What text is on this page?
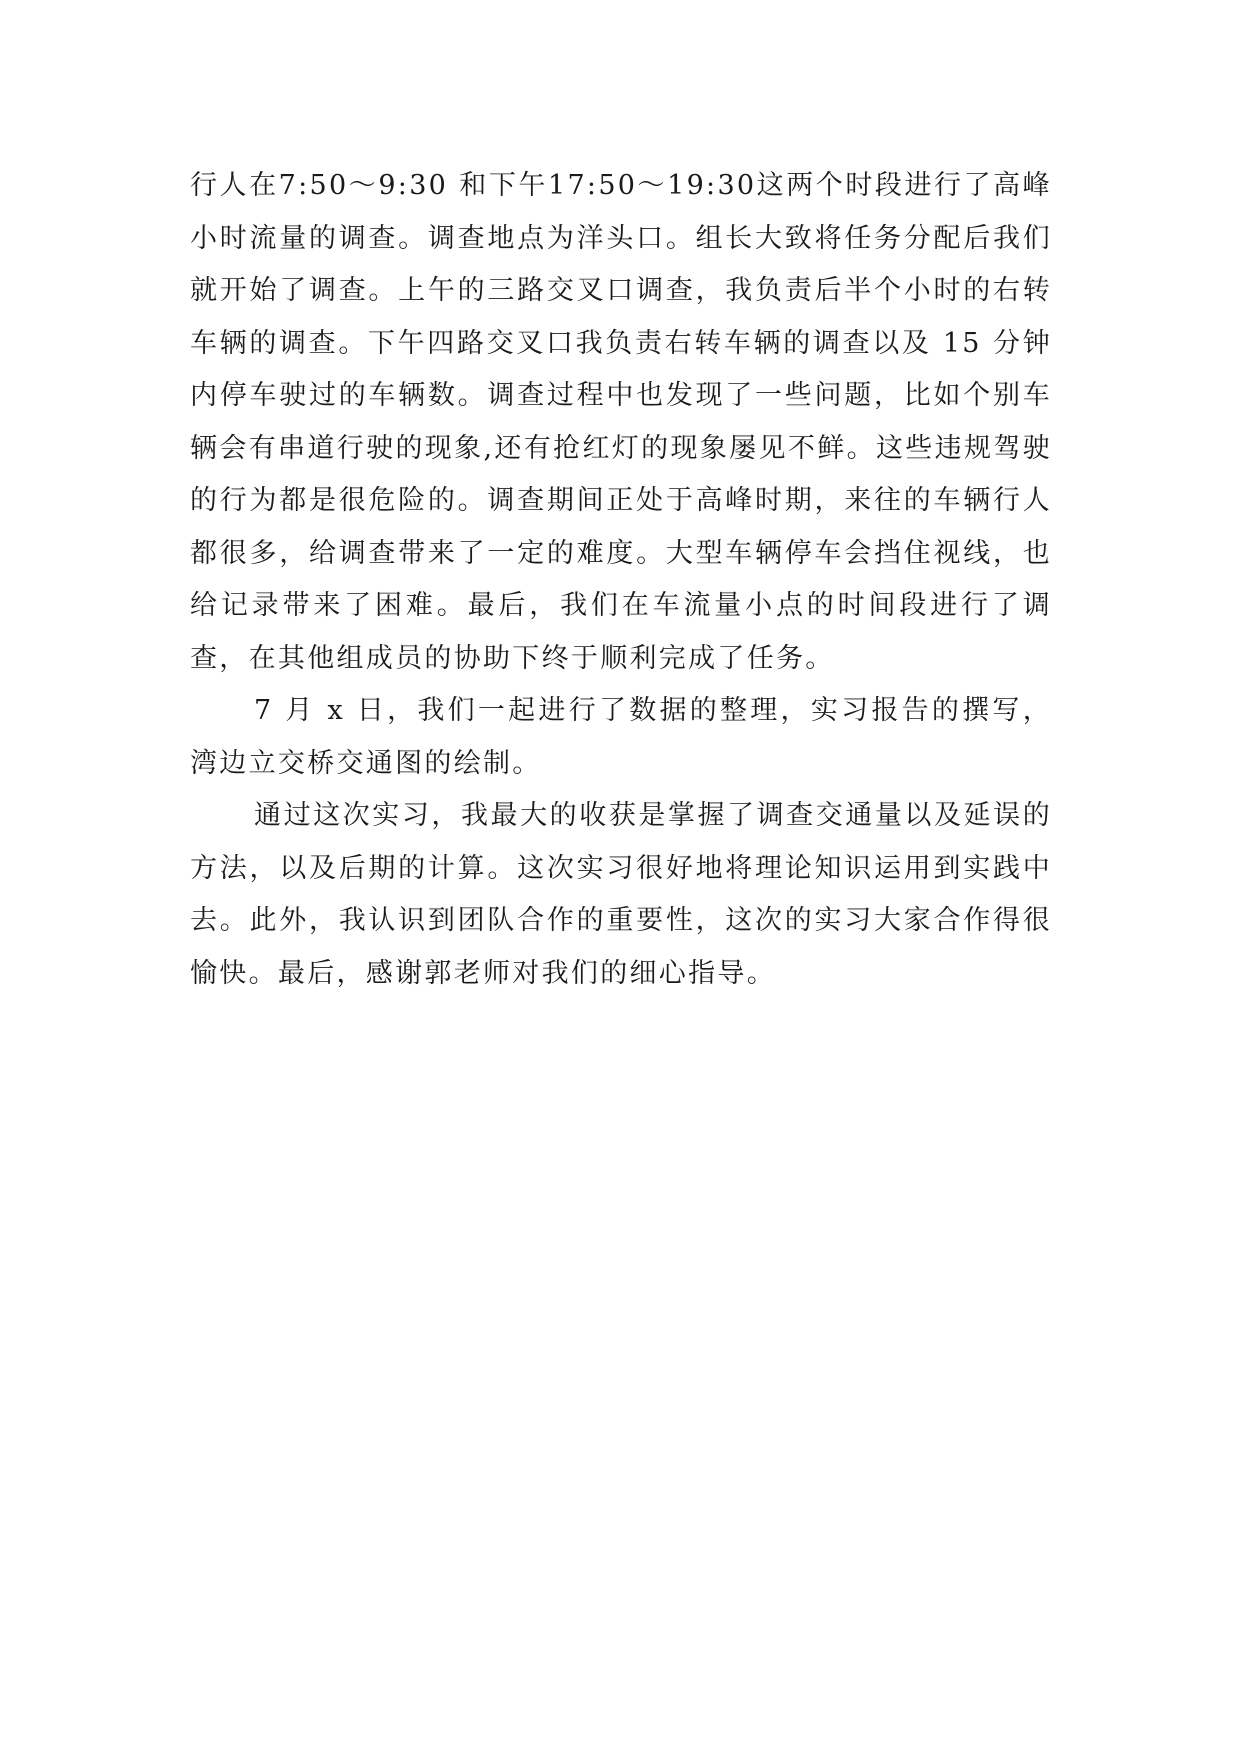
行人在7:50～9:30 和下午17:50～19:30这两个时段进行了高峰小时流量的调查。调查地点为洋头口。组长大致将任务分配后我们就开始了调查。上午的三路交叉口调查，我负责后半个小时的右转车辆的调查。下午四路交叉口我负责右转车辆的调查以及 15 分钟内停车驶过的车辆数。调查过程中也发现了一些问题，比如个别车辆会有串道行驶的现象,还有抢红灯的现象屡见不鲜。这些违规驾驶的行为都是很危险的。调查期间正处于高峰时期，来往的车辆行人都很多，给调查带来了一定的难度。大型车辆停车会挡住视线，也给记录带来了困难。最后，我们在车流量小点的时间段进行了调查，在其他组成员的协助下终于顺利完成了任务。

7 月 x 日，我们一起进行了数据的整理，实习报告的撰写，湾边立交桥交通图的绘制。

通过这次实习，我最大的收获是掌握了调查交通量以及延误的方法，以及后期的计算。这次实习很好地将理论知识运用到实践中去。此外，我认识到团队合作的重要性，这次的实习大家合作得很愉快。最后，感谢郭老师对我们的细心指导。
